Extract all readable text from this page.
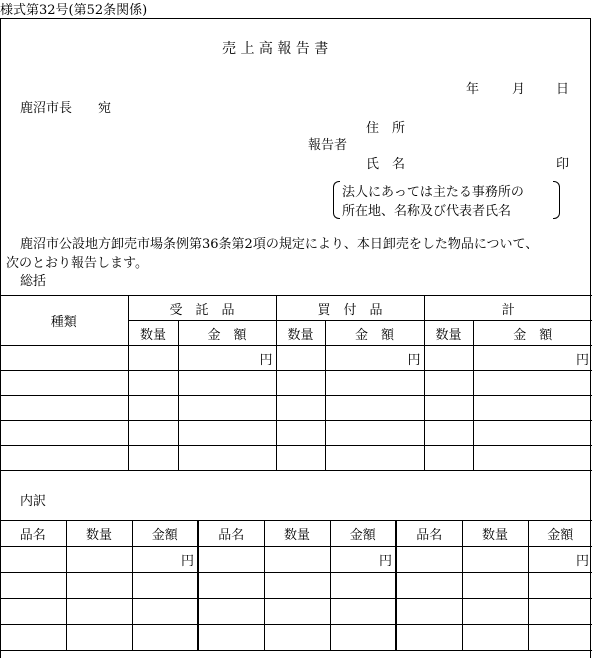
様式第32号(第52条関係)
売 上 高 報 告 書
年	月 日
鹿沼市長　　宛
住　所
報告者
氏　名	印
法人にあっては主たる事務所の
所在地、名称及び代表者氏名
鹿沼市公設地方卸売市場条例第36条第2項の規定により、本日卸売をした物品について、
次のとおり報告します。
総括
種類	受　託　品		買　付　品		計	
	数量	金　額	数量	金　額	数量	金　額
		円		円		円

内訳
品名	数量	金額	品名	数量	金額	品名	数量	金額
		円			円			円
